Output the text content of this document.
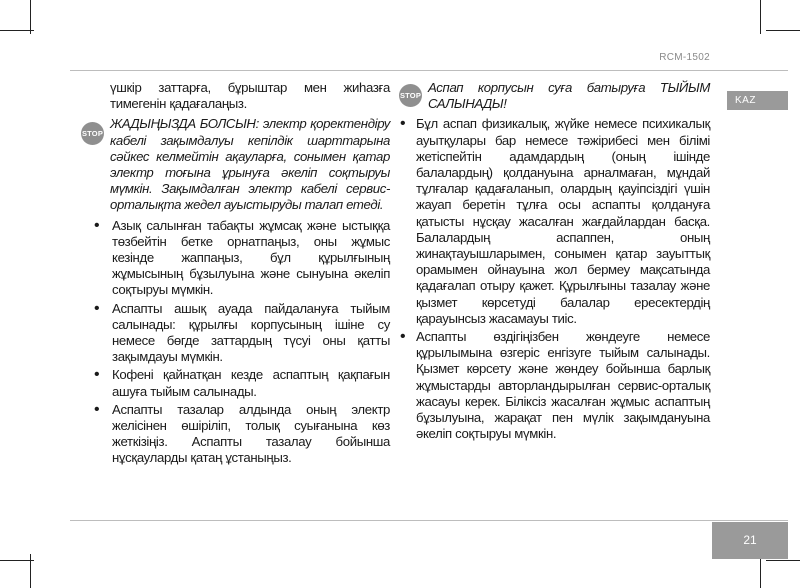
RCM-1502
KAZ
21
үшкір заттарға, бұрыштар мен жиһазға тимегенін қадағалаңыз.
STOP
ЖАДЫҢЫЗДА БОЛСЫН: электр қоректендіру кабелі зақымдалуы кепілдік шарттарына сәйкес келмейтін ақауларға, сонымен қатар электр тоғына ұрынуға әкеліп соқтыруы мүмкін. Зақымдалған электр кабелі сервис-орталықта жедел ауыстыруды талап етеді.
• Азық салынған табақты жұмсақ және ыстыққа төзбейтін бетке орнатпаңыз, оны жұмыс кезінде жаппаңыз, бұл құрылғының жұмысының бұзылуына және сынуына әкеліп соқтыруы мүмкін.
• Аспапты ашық ауада пайдалануға тыйым салынады: құрылғы корпусының ішіне су немесе бөгде заттардың түсуі оны қатты зақымдауы мүмкін.
• Кофені қайнатқан кезде аспаптың қақпағын ашуға тыйым салынады.
• Аспапты тазалар алдында оның электр желісінен өшіріліп, толық суығанына көз жеткізіңіз. Аспапты тазалау бойынша нұсқауларды қатаң ұстаныңыз.
STOP
Аспап корпусын суға батыруға ТЫЙЫМ САЛЫНАДЫ!
• Бұл аспап физикалық, жүйке немесе психикалық ауытқулары бар немесе тәжірибесі мен білімі жетіспейтін адамдардың (оның ішінде балалардың) қолдануына арналмаған, мұндай тұлғалар қадағаланып, олардың қауіпсіздігі үшін жауап беретін тұлға осы аспапты қолдануға қатысты нұсқау жасалған жағдайлардан басқа. Балалардың аспаппен, оның жинақтауышларымен, сонымен қатар зауыттық орамымен ойнауына жол бермеу мақсатында қадағалап отыру қажет. Құрылғыны тазалау және қызмет көрсетуді балалар ересектердің қарауынсыз жасамауы тиіс.
• Аспапты өздігіңізбен жөндеуге немесе құрылымына өзгеріс енгізуге тыйым салынады. Қызмет көрсету және жөндеу бойынша барлық жұмыстарды авторландырылған сервис-орталық жасауы керек. Біліксіз жасалған жұмыс аспаптың бұзылуына, жарақат пен мүлік зақымдануына әкеліп соқтыруы мүмкін.
